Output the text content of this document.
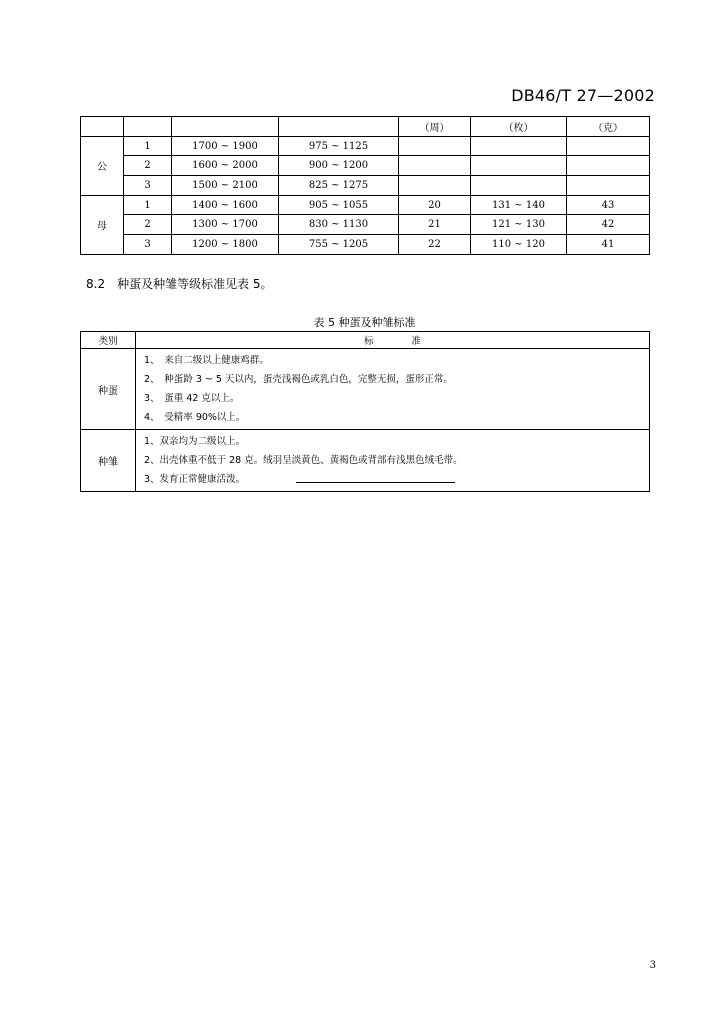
DB46/T 27—2002
				（周）	（枚）	（克）
公	1	1700 ~ 1900	975 ~ 1125			
	2	1600 ~ 2000	900 ~ 1200			
	3	1500 ~ 2100	825 ~ 1275			
母	1	1400 ~ 1600	905 ~ 1055	20	131 ~ 140	43
	2	1300 ~ 1700	830 ~ 1130	21	121 ~ 130	42
	3	1200 ~ 1800	755 ~ 1205	22	110 ~ 120	41
8.2　种蛋及种雏等级标准见表 5。
表 5 种蛋及种雏标准
类别	标　　　　准
种蛋	1、　来自二级以上健康鸡群。
2、　种蛋龄 3 ~ 5 天以内，蛋壳浅褐色或乳白色，完整无损，蛋形正常。
3、　蛋重 42 克以上。
4、　受精率 90%以上。

种雏	1、双亲均为二级以上。
2、出壳体重不低于 28 克。绒羽呈淡黄色、黄褐色或背部有浅黑色绒毛带。
3、发育正常健康活泼。
3
